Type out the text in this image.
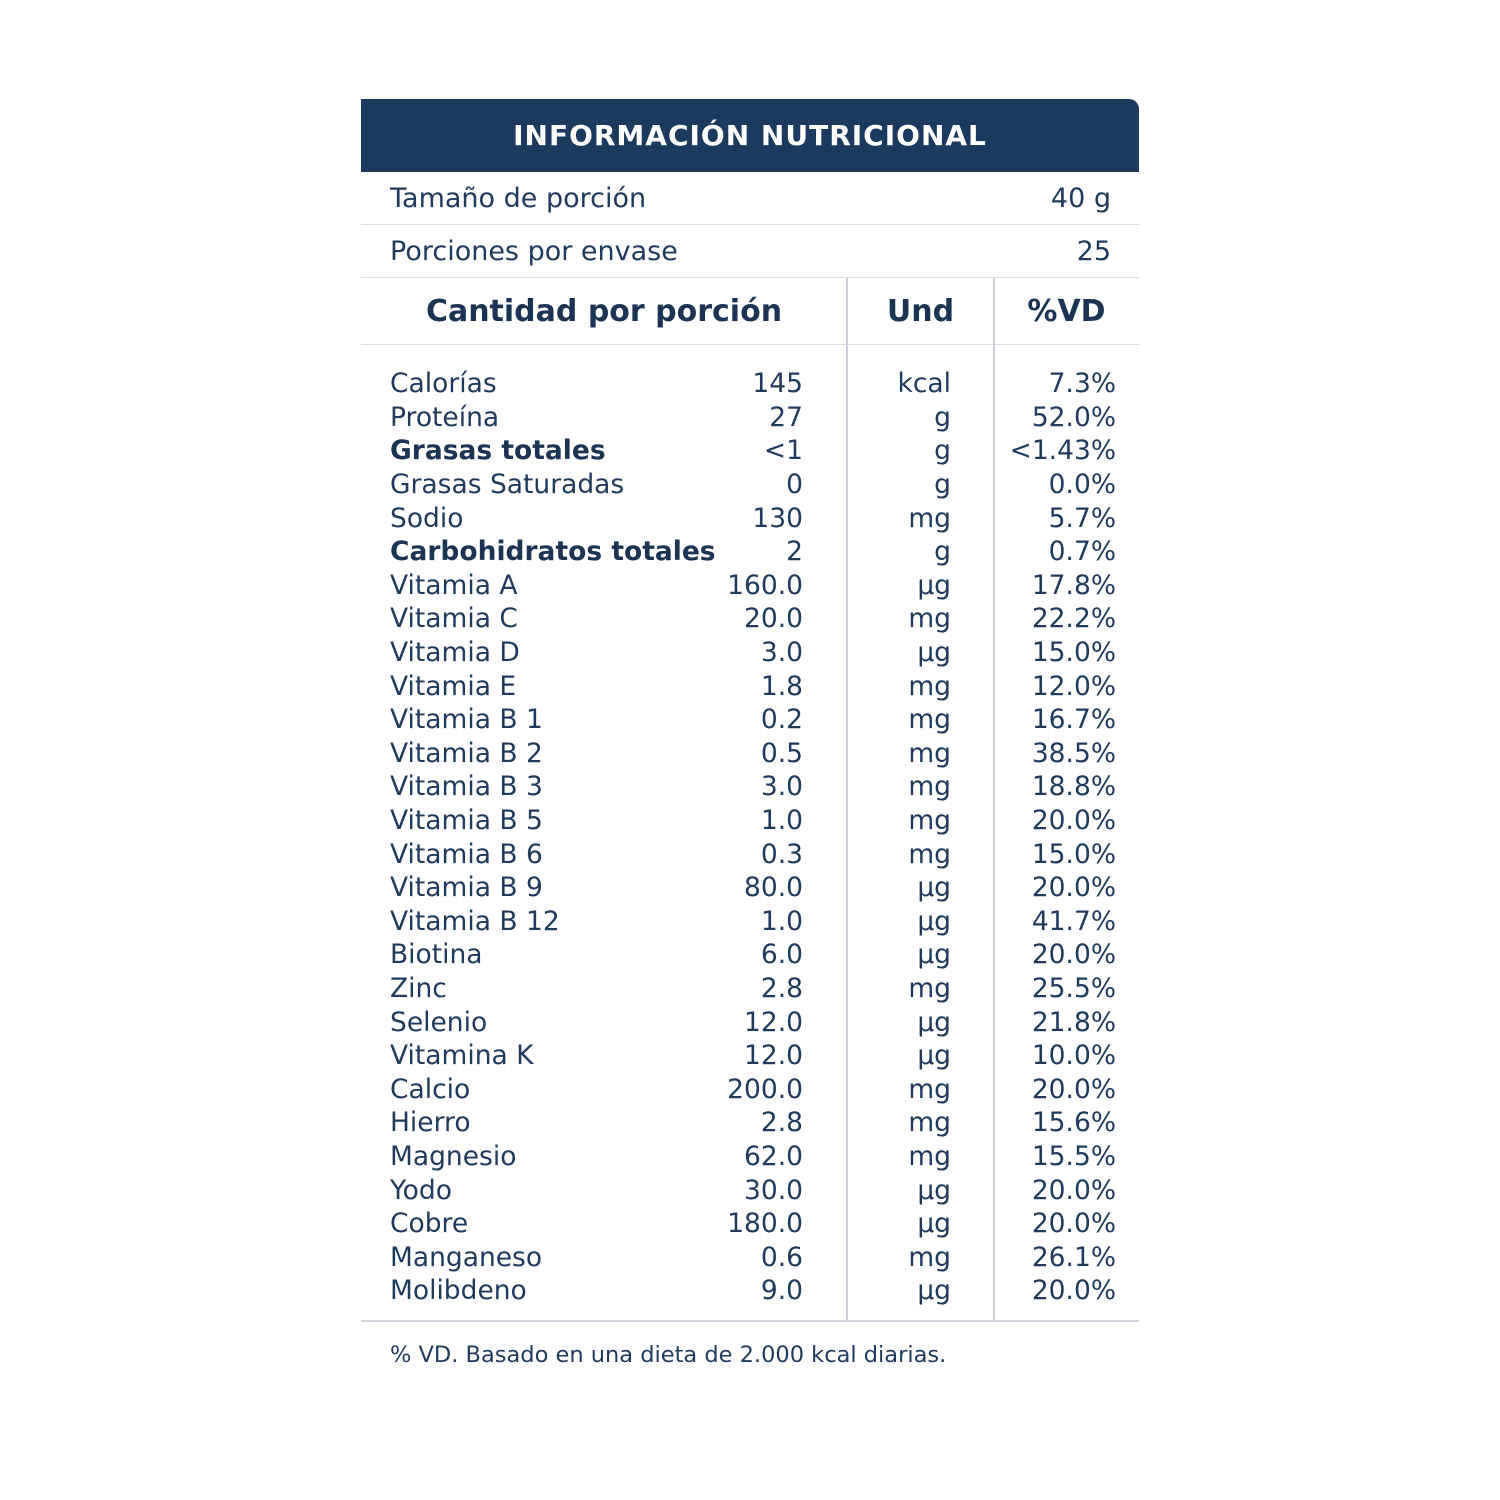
INFORMACIÓN NUTRICIONAL
Tamaño de porción	40 g
Porciones por envase	25
Cantidad por porción	Und	%VD
Calorías	145	kcal	7.3%
Proteína	27	g	52.0%
Grasas totales	<1	g	<1.43%
Grasas Saturadas	0	g	0.0%
Sodio	130	mg	5.7%
Carbohidratos totales	2	g	0.7%
Vitamia A	160.0	µg	17.8%
Vitamia C	20.0	mg	22.2%
Vitamia D	3.0	µg	15.0%
Vitamia E	1.8	mg	12.0%
Vitamia B 1	0.2	mg	16.7%
Vitamia B 2	0.5	mg	38.5%
Vitamia B 3	3.0	mg	18.8%
Vitamia B 5	1.0	mg	20.0%
Vitamia B 6	0.3	mg	15.0%
Vitamia B 9	80.0	µg	20.0%
Vitamia B 12	1.0	µg	41.7%
Biotina	6.0	µg	20.0%
Zinc	2.8	mg	25.5%
Selenio	12.0	µg	21.8%
Vitamina K	12.0	µg	10.0%
Calcio	200.0	mg	20.0%
Hierro	2.8	mg	15.6%
Magnesio	62.0	mg	15.5%
Yodo	30.0	µg	20.0%
Cobre	180.0	µg	20.0%
Manganeso	0.6	mg	26.1%
Molibdeno	9.0	µg	20.0%
% VD. Basado en una dieta de 2.000 kcal diarias.
